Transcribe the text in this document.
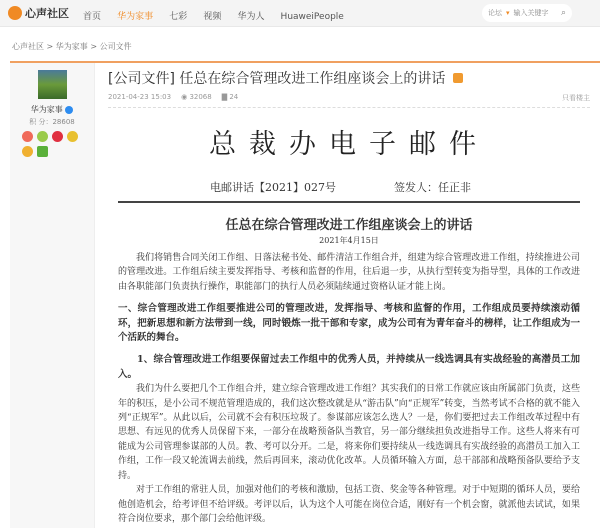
心声社区 首页 华为家事 七彩 视频 华为人 HuaweiPeople	论坛 ▾ 输入关键字 ⌕
心声社区 > 华为家事 > 公司文件
华为家事
积 分：28608
[公司文件] 任总在综合管理改进工作组座谈会上的讲话
2021-04-23 15:03 ◉ 32068 ▇ 24	只看楼主
总裁办电子邮件
电邮讲话【2021】027号	签发人：任正非
任总在综合管理改进工作组座谈会上的讲话
2021年4月15日

我们将销售合同关闭工作组、日落法秘书处、邮件清洁工作组合并，组建为综合管理改进工作组，持续推进公司的管理改进。工作组后续主要发挥指导、考核和监督的作用，往后退一步，从执行型转变为指导型，具体的工作改进由各职能部门负责执行操作，职能部门的执行人员必须陆续通过资格认证才能上岗。

一、综合管理改进工作组要推进公司的管理改进，发挥指导、考核和监督的作用，工作组成员要持续滚动循环，把新思想和新方法带到一线，同时锻炼一批干部和专家，成为公司有为青年奋斗的榜样，让工作组成为一个活跃的舞台。

1、综合管理改进工作组要保留过去工作组中的优秀人员，并持续从一线选调具有实战经验的高潜员工加入。

我们为什么要把几个工作组合并，建立综合管理改进工作组？其实我们的日常工作就应该由所属部门负责，这些年的积压，是小公司不规范管理造成的，我们这次整改就是从“游击队”向“正规军”转变，当然考试不合格的就不能入列“正规军”。从此以后，公司就不会有积压垃圾了。参谋部应该怎么选人？一是，你们要把过去工作组改革过程中有思想、有远见的优秀人员保留下来，一部分在战略预备队当教官，另一部分继续担负改进指导工作。这些人将来有可能成为公司管理参谋部的人员。教、考可以分开。二是，将来你们要持续从一线选调具有实战经验的高潜员工加入工作组，工作一段又轮流调去前线，然后再回来，滚动优化改革。人员循环输入方面，总干部部和战略预备队要给予支持。

对于工作组的常驻人员，加强对他们的考核和激励，包括工资、奖金等各种管理。对于中短期的循环人员，要给他创造机会，给考评但不给评级。考评以后，认为这个人可能在岗位合适，刚好有一个机会窗，就派他去试试，如果符合岗位要求，那个部门会给他评级。
